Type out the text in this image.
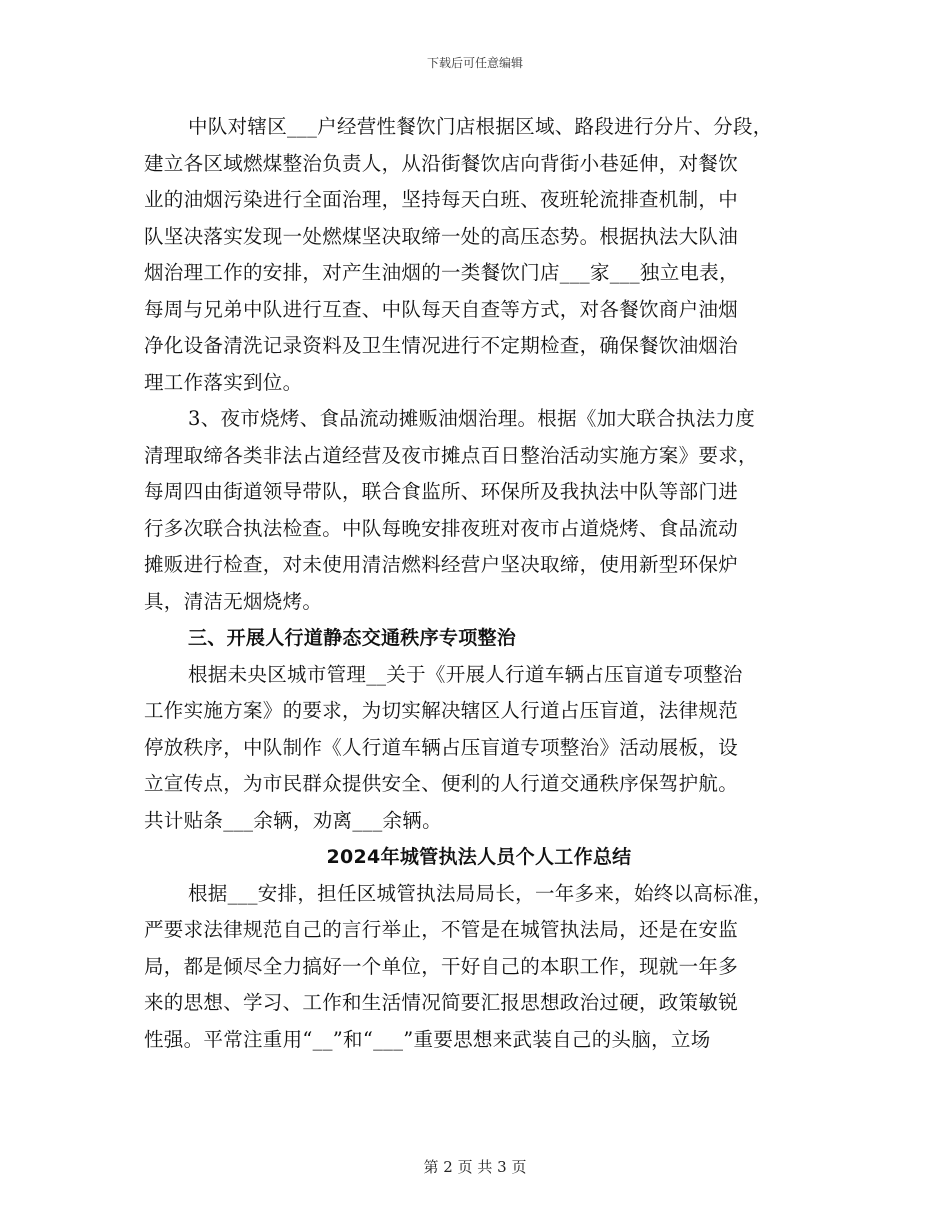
下载后可任意编辑
中队对辖区___户经营性餐饮门店根据区域、路段进行分片、分段，
建立各区域燃煤整治负责人，从沿街餐饮店向背街小巷延伸，对餐饮
业的油烟污染进行全面治理，坚持每天白班、夜班轮流排查机制，中
队坚决落实发现一处燃煤坚决取缔一处的高压态势。根据执法大队油
烟治理工作的安排，对产生油烟的一类餐饮门店___家___独立电表，
每周与兄弟中队进行互查、中队每天自查等方式，对各餐饮商户油烟
净化设备清洗记录资料及卫生情况进行不定期检查，确保餐饮油烟治
理工作落实到位。
3、夜市烧烤、食品流动摊贩油烟治理。根据《加大联合执法力度
清理取缔各类非法占道经营及夜市摊点百日整治活动实施方案》要求，
每周四由街道领导带队，联合食监所、环保所及我执法中队等部门进
行多次联合执法检查。中队每晚安排夜班对夜市占道烧烤、食品流动
摊贩进行检查，对未使用清洁燃料经营户坚决取缔，使用新型环保炉
具，清洁无烟烧烤。
三、开展人行道静态交通秩序专项整治
根据未央区城市管理__关于《开展人行道车辆占压盲道专项整治
工作实施方案》的要求，为切实解决辖区人行道占压盲道，法律规范
停放秩序，中队制作《人行道车辆占压盲道专项整治》活动展板，设
立宣传点，为市民群众提供安全、便利的人行道交通秩序保驾护航。
共计贴条___余辆，劝离___余辆。
2024年城管执法人员个人工作总结
根据___安排，担任区城管执法局局长，一年多来，始终以高标准，
严要求法律规范自己的言行举止，不管是在城管执法局，还是在安监
局，都是倾尽全力搞好一个单位，干好自己的本职工作，现就一年多
来的思想、学习、工作和生活情况简要汇报思想政治过硬，政策敏锐
性强。平常注重用“__”和“___”重要思想来武装自己的头脑，立场
第 2 页 共 3 页
